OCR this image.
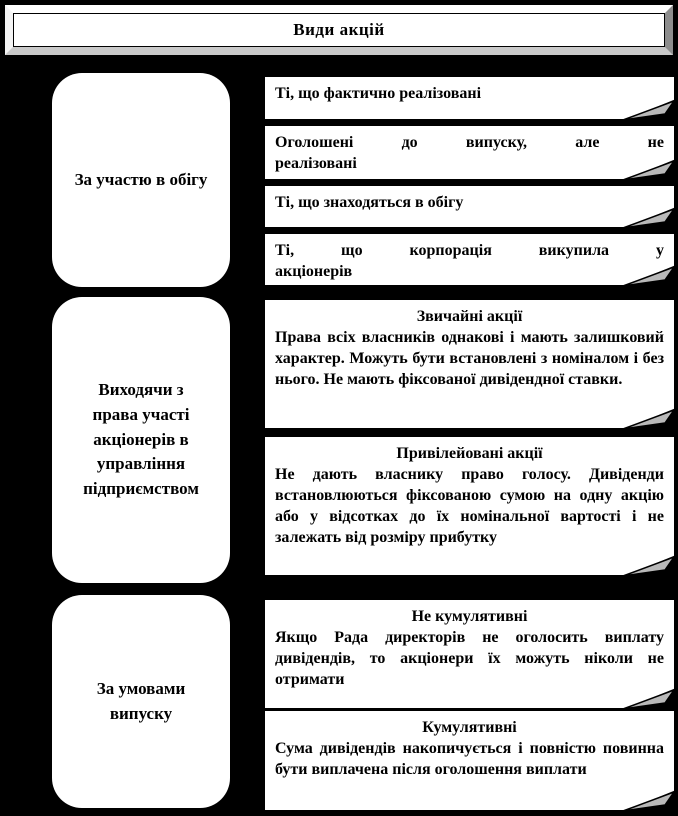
Види акцій
За участю в обігу
Виходячи з права участі акціонерів в управління підприємством
За умовами випуску
Ті, що фактично реалізовані
Оголошені до випуску, але не
реалізовані
Ті, що знаходяться в обігу
Ті, що корпорація викупила у
акціонерів
Звичайні акції
Права всіх власників однакові і мають залишковий характер. Можуть бути встановлені з номіналом і без нього. Не мають фіксованої дивідендної ставки.
Привілейовані акції
Не дають власнику право голосу. Дивіденди встановлюються фіксованою сумою на одну акцію або у відсотках до їх номінальної вартості і не залежать від розміру прибутку
Не кумулятивні
Якщо Рада директорів не оголосить виплату дивідендів, то акціонери їх можуть ніколи не отримати
Кумулятивні
Сума дивідендів накопичується і повністю повинна бути виплачена після оголошення виплати
